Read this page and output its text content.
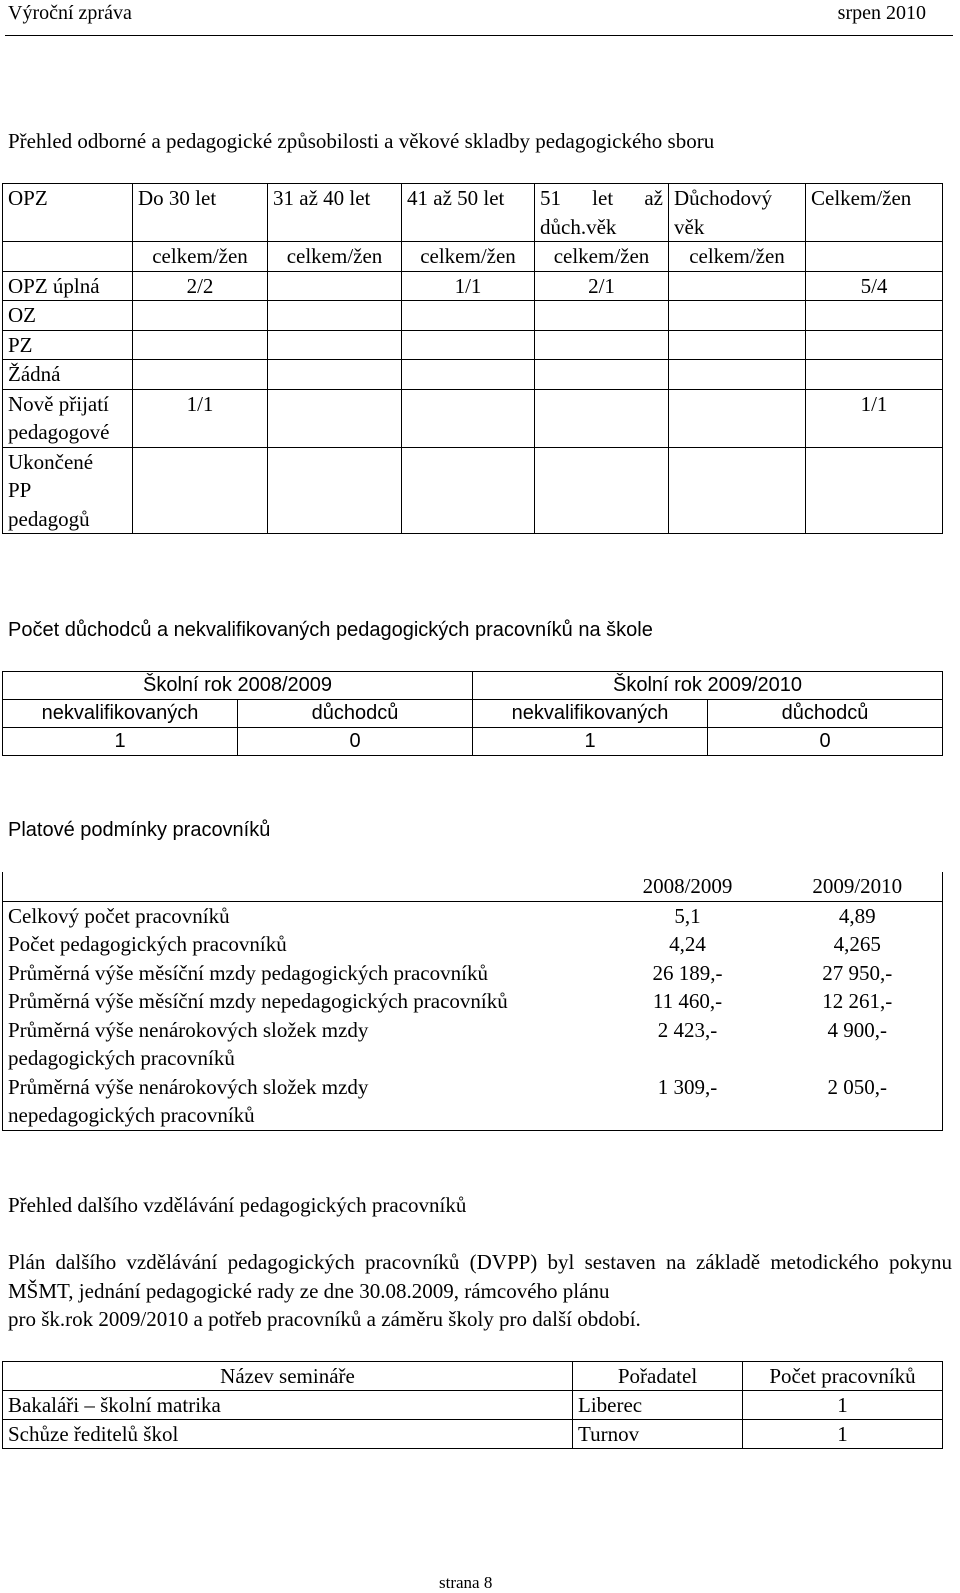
Výroční zpráva	srpen 2010
Přehled odborné a pedagogické způsobilosti a věkové skladby pedagogického sboru
OPZ	Do 30 let	31 až 40 let	41 až 50 let	51 let až důch.věk	Důchodový věk	Celkem/žen
	celkem/žen	celkem/žen	celkem/žen	celkem/žen	celkem/žen	
OPZ úplná	2/2		1/1	2/1		5/4
OZ						
PZ						
Žádná						
Nově přijatí pedagogové	1/1					1/1
Ukončené PP pedagogů						
Počet důchodců a nekvalifikovaných pedagogických pracovníků na škole
Školní rok 2008/2009		Školní rok 2009/2010	
nekvalifikovaných	důchodců	nekvalifikovaných	důchodců
1	0	1	0
Platové podmínky pracovníků
	2008/2009	2009/2010
Celkový počet pracovníků	5,1	4,89
Počet pedagogických pracovníků	4,24	4,265
Průměrná výše měsíční mzdy pedagogických pracovníků	26 189,-	27 950,-
Průměrná výše měsíční mzdy nepedagogických pracovníků	11 460,-	12 261,-
Průměrná výše nenárokových složek mzdy pedagogických pracovníků	2 423,-	4 900,-
Průměrná výše nenárokových složek mzdy nepedagogických pracovníků	1 309,-	2 050,-
Přehled dalšího vzdělávání pedagogických pracovníků
Plán dalšího vzdělávání pedagogických pracovníků (DVPP) byl sestaven na základě metodického pokynu MŠMT, jednání pedagogické rady ze dne 30.08.2009, rámcového plánu
pro šk.rok 2009/2010 a potřeb pracovníků a záměru školy pro další období.
Název semináře	Pořadatel	Počet pracovníků
Bakaláři – školní matrika	Liberec	1
Schůze ředitelů škol	Turnov	1
strana 8
